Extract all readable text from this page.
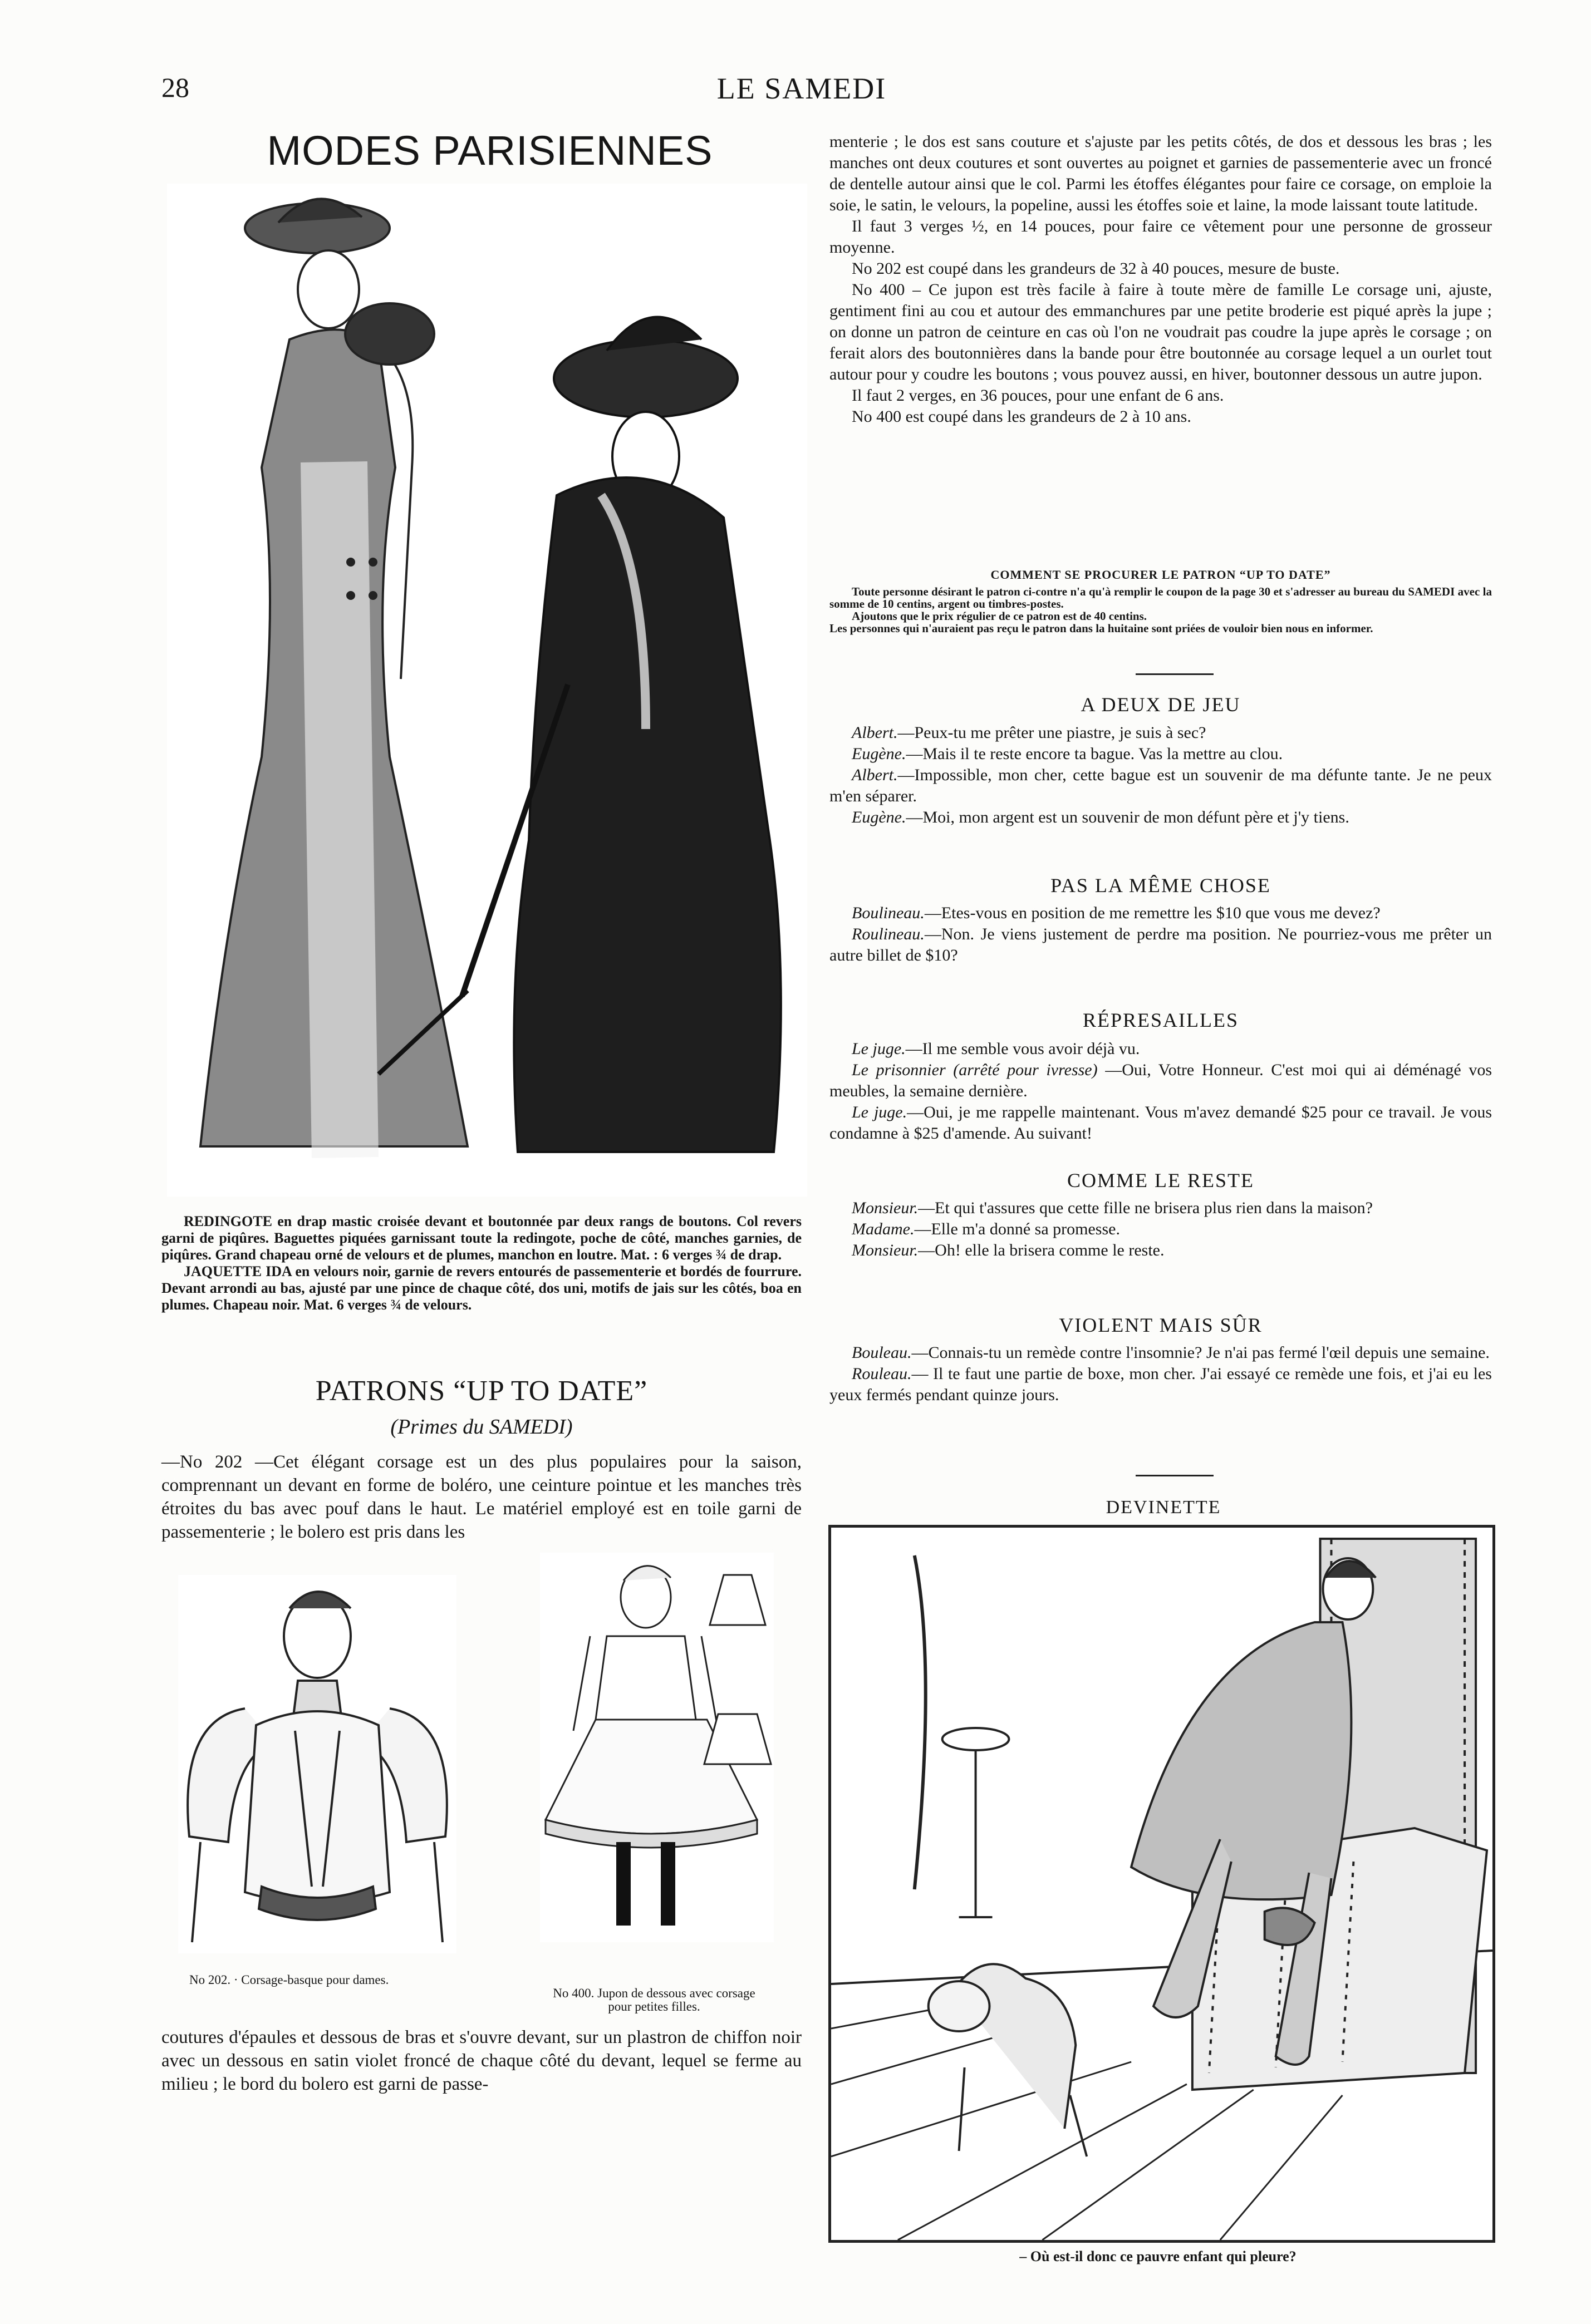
28	LE SAMEDI
MODES PARISIENNES

REDINGOTE en drap mastic croisée devant et boutonnée par deux rangs de boutons. Col revers garni de piqûres. Baguettes piquées garnissant toute la redingote, poche de côté, manches garnies, de piqûres. Grand chapeau orné de velours et de plumes, manchon en loutre. Mat. : 6 verges ¾ de drap.

JAQUETTE IDA en velours noir, garnie de revers entourés de passementerie et bordés de fourrure. Devant arrondi au bas, ajusté par une pince de chaque côté, dos uni, motifs de jais sur les côtés, boa en plumes. Chapeau noir. Mat. 6 verges ¾ de velours.

PATRONS “UP TO DATE”
(Primes du SAMEDI)
—No 202 —Cet élégant corsage est un des plus populaires pour la saison, comprennant un devant en forme de boléro, une ceinture pointue et les manches très étroites du bas avec pouf dans le haut. Le matériel employé est en toile garni de passementerie ; le bolero est pris dans les
No 202. · Corsage-basque pour dames.
No 400. Jupon de dessous avec corsage
pour petites filles.
coutures d'épaules et dessous de bras et s'ouvre devant, sur un plastron de chiffon noir avec un dessous en satin violet froncé de chaque côté du devant, lequel se ferme au milieu ; le bord du bolero est garni de passe-

menterie ; le dos est sans couture et s'ajuste par les petits côtés, de dos et dessous les bras ; les manches ont deux coutures et sont ouvertes au poignet et garnies de passementerie avec un froncé de dentelle autour ainsi que le col. Parmi les étoffes élégantes pour faire ce corsage, on emploie la soie, le satin, le velours, la popeline, aussi les étoffes soie et laine, la mode laissant toute latitude.

Il faut 3 verges ½, en 14 pouces, pour faire ce vêtement pour une personne de grosseur moyenne.

No 202 est coupé dans les grandeurs de 32 à 40 pouces, mesure de buste.

No 400 – Ce jupon est très facile à faire à toute mère de famille Le corsage uni, ajuste, gentiment fini au cou et autour des emmanchures par une petite broderie est piqué après la jupe ; on donne un patron de ceinture en cas où l'on ne voudrait pas coudre la jupe après le corsage ; on ferait alors des boutonnières dans la bande pour être boutonnée au corsage lequel a un ourlet tout autour pour y coudre les boutons ; vous pouvez aussi, en hiver, boutonner dessous un autre jupon.

Il faut 2 verges, en 36 pouces, pour une enfant de 6 ans.

No 400 est coupé dans les grandeurs de 2 à 10 ans.

COMMENT SE PROCURER LE PATRON “UP TO DATE”
Toute personne désirant le patron ci-contre n'a qu'à remplir le coupon de la page 30 et s'adresser au bureau du SAMEDI avec la somme de 10 centins, argent ou timbres-postes.
Ajoutons que le prix régulier de ce patron est de 40 centins.
Les personnes qui n'auraient pas reçu le patron dans la huitaine sont priées de vouloir bien nous en informer.
A DEUX DE JEU

Albert.—Peux-tu me prêter une piastre, je suis à sec?

Eugène.—Mais il te reste encore ta bague. Vas la mettre au clou.

Albert.—Impossible, mon cher, cette bague est un souvenir de ma défunte tante. Je ne peux m'en séparer.

Eugène.—Moi, mon argent est un souvenir de mon défunt père et j'y tiens.

PAS LA MÊME CHOSE

Boulineau.—Etes-vous en position de me remettre les $10 que vous me devez?

Roulineau.—Non. Je viens justement de perdre ma position. Ne pourriez-vous me prêter un autre billet de $10?

RÉPRESAILLES

Le juge.—Il me semble vous avoir déjà vu.

Le prisonnier (arrêté pour ivresse) —Oui, Votre Honneur. C'est moi qui ai déménagé vos meubles, la semaine dernière.

Le juge.—Oui, je me rappelle maintenant. Vous m'avez demandé $25 pour ce travail. Je vous condamne à $25 d'amende. Au suivant!

COMME LE RESTE

Monsieur.—Et qui t'assures que cette fille ne brisera plus rien dans la maison?

Madame.—Elle m'a donné sa promesse.

Monsieur.—Oh! elle la brisera comme le reste.

VIOLENT MAIS SÛR

Bouleau.—Connais-tu un remède contre l'insomnie? Je n'ai pas fermé l'œil depuis une semaine.

Rouleau.— Il te faut une partie de boxe, mon cher. J'ai essayé ce remède une fois, et j'ai eu les yeux fermés pendant quinze jours.

DEVINETTE
– Où est-il donc ce pauvre enfant qui pleure?
